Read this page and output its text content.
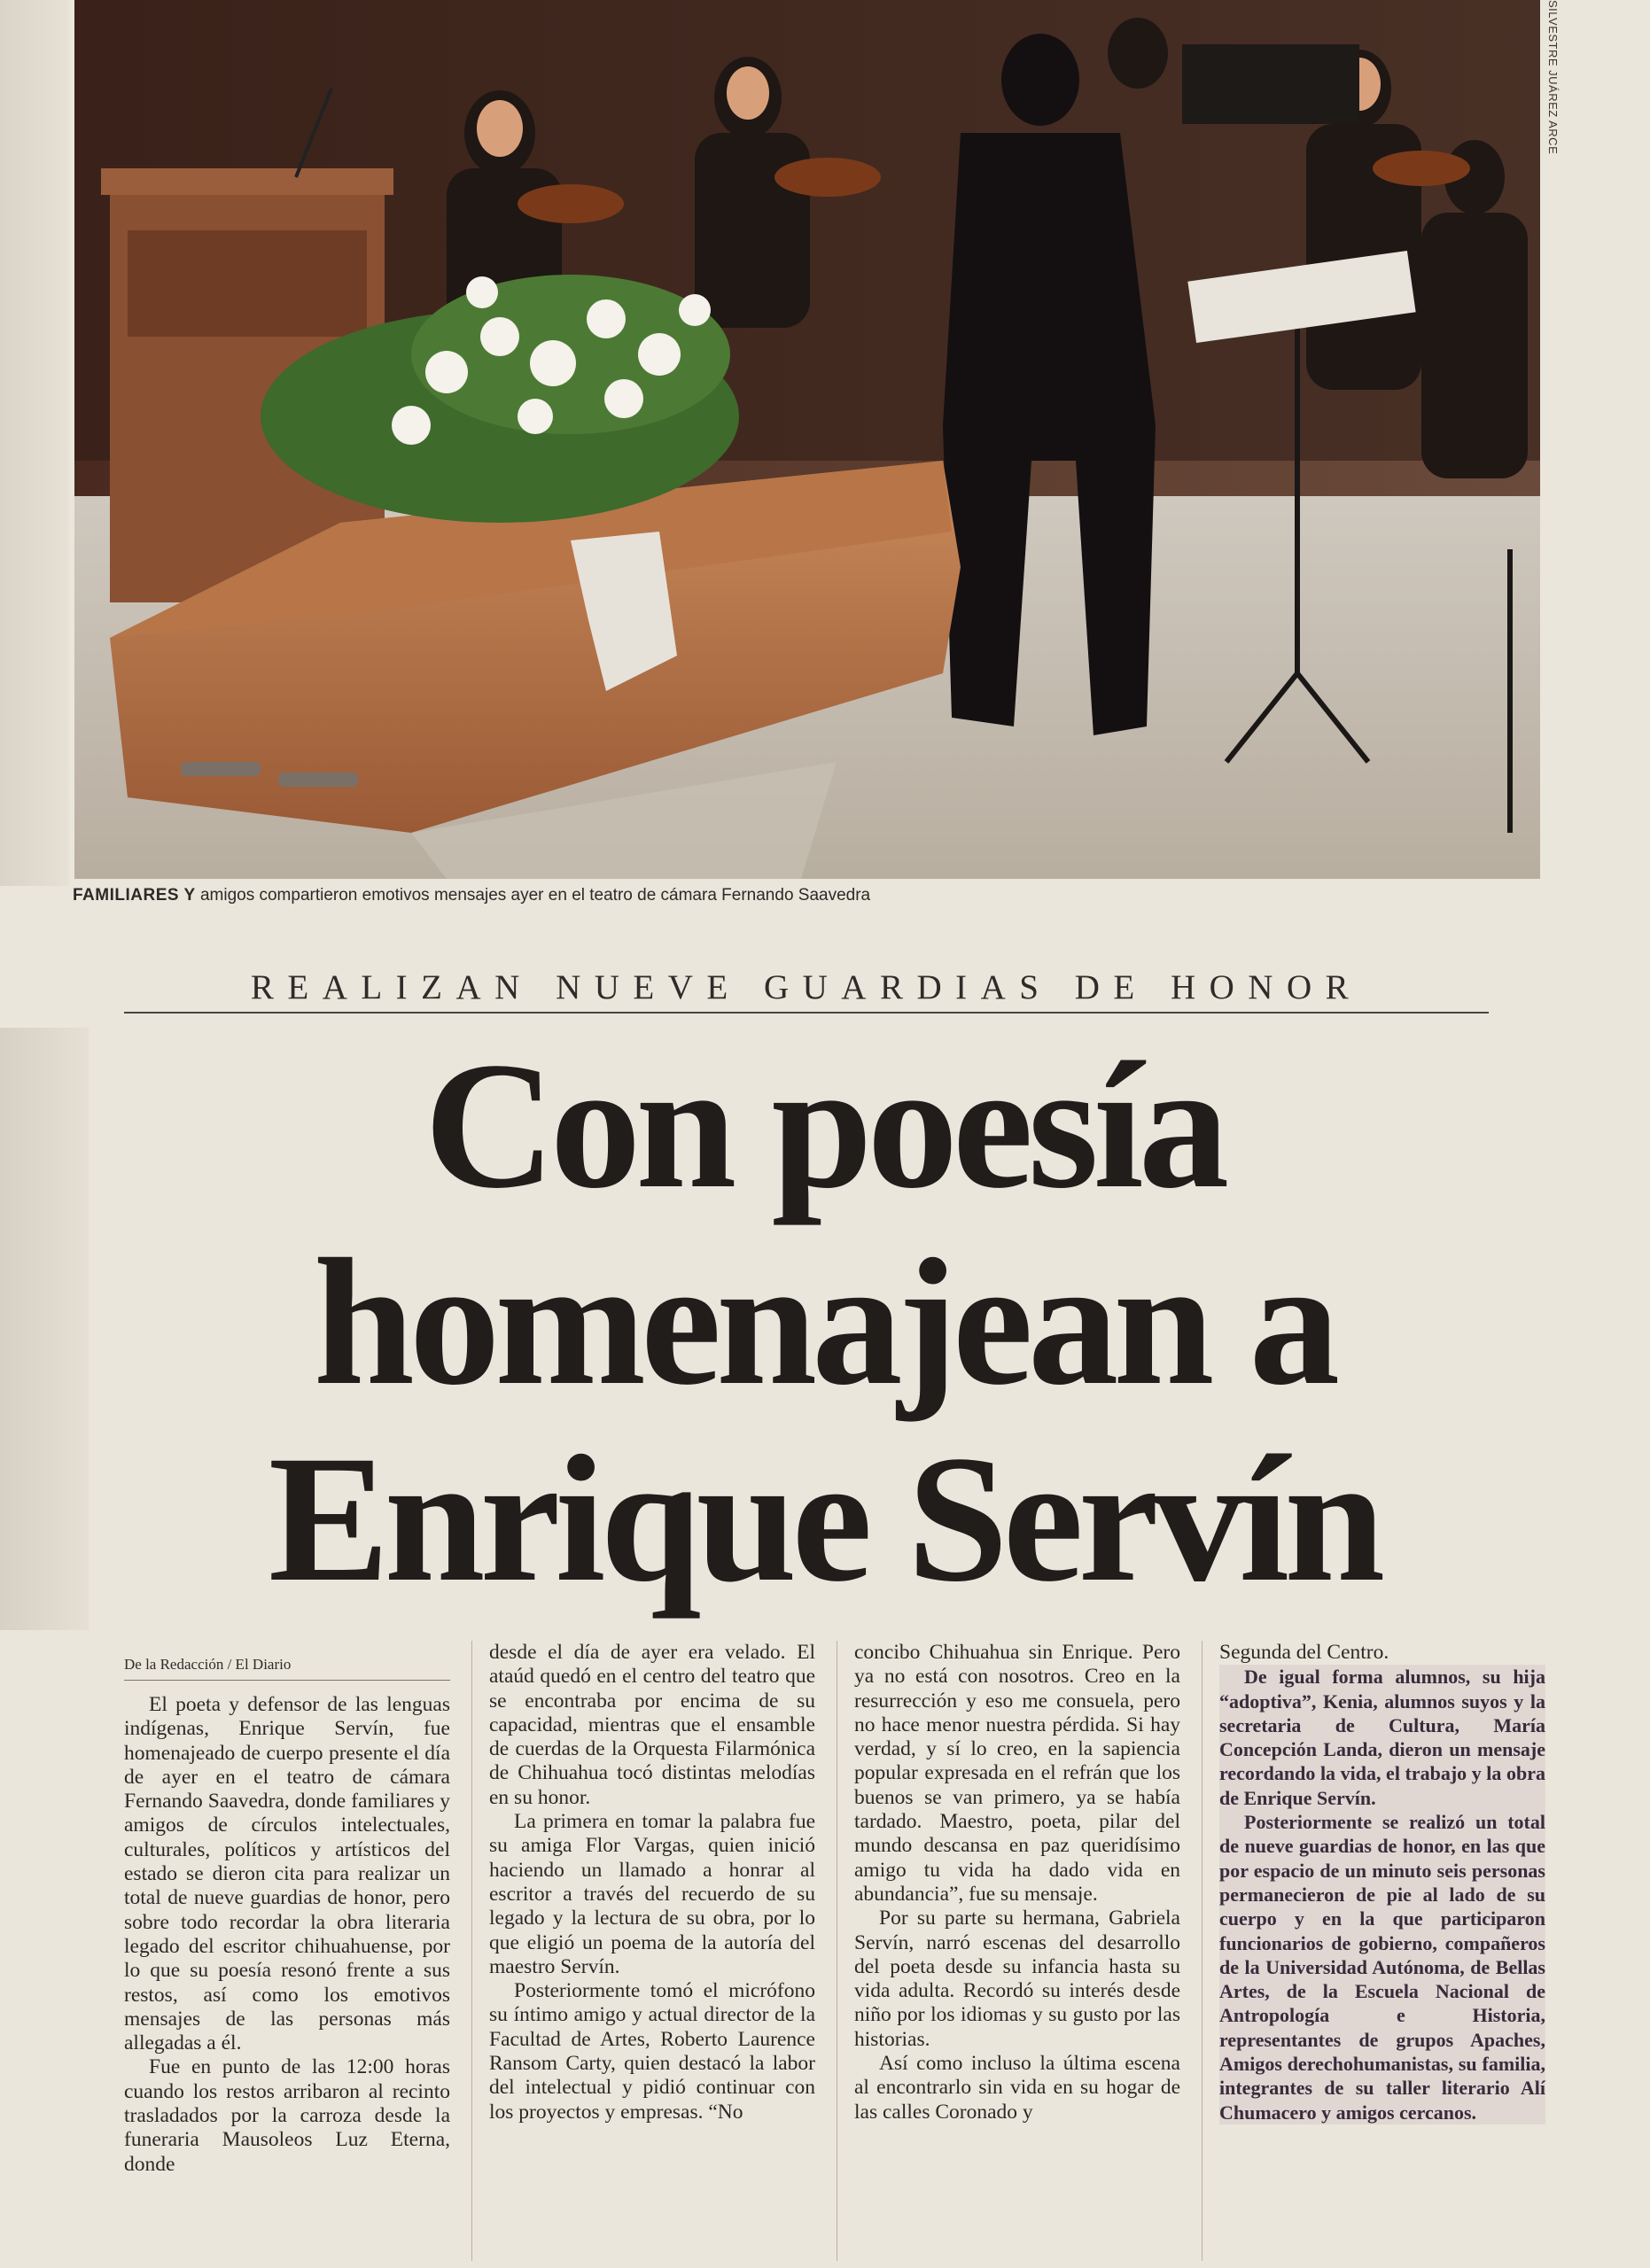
SILVESTRE JUÁREZ ARCE
FAMILIARES Y amigos compartieron emotivos mensajes ayer en el teatro de cámara Fernando Saavedra
REALIZAN NUEVE GUARDIAS DE HONOR
Con poesía
homenajean a
Enrique Servín
De la Redacción / El Diario

El poeta y defensor de las lenguas indígenas, Enrique Servín, fue homenajeado de cuerpo presente el día de ayer en el teatro de cámara Fernando Saavedra, donde familiares y amigos de círculos intelectuales, culturales, políticos y artísticos del estado se dieron cita para realizar un total de nueve guardias de honor, pero sobre todo recordar la obra literaria legado del escritor chihuahuense, por lo que su poesía resonó frente a sus restos, así como los emotivos mensajes de las personas más allegadas a él.

Fue en punto de las 12:00 horas cuando los restos arribaron al recinto trasladados por la carroza desde la funeraria Mausoleos Luz Eterna, donde

desde el día de ayer era velado. El ataúd quedó en el centro del teatro que se encontraba por encima de su capacidad, mientras que el ensamble de cuerdas de la Orquesta Filarmónica de Chihuahua tocó distintas melodías en su honor.

La primera en tomar la palabra fue su amiga Flor Vargas, quien inició haciendo un llamado a honrar al escritor a través del recuerdo de su legado y la lectura de su obra, por lo que eligió un poema de la autoría del maestro Servín.

Posteriormente tomó el micrófono su íntimo amigo y actual director de la Facultad de Artes, Roberto Laurence Ransom Carty, quien destacó la labor del intelectual y pidió continuar con los proyectos y empresas. “No

concibo Chihuahua sin Enrique. Pero ya no está con nosotros. Creo en la resurrección y eso me consuela, pero no hace menor nuestra pérdida. Si hay verdad, y sí lo creo, en la sapiencia popular expresada en el refrán que los buenos se van primero, ya se había tardado. Maestro, poeta, pilar del mundo descansa en paz queridísimo amigo tu vida ha dado vida en abundancia”, fue su mensaje.

Por su parte su hermana, Gabriela Servín, narró escenas del desarrollo del poeta desde su infancia hasta su vida adulta. Recordó su interés desde niño por los idiomas y su gusto por las historias.

Así como incluso la última escena al encontrarlo sin vida en su hogar de las calles Coronado y

Segunda del Centro.

De igual forma alumnos, su hija “adoptiva”, Kenia, alumnos suyos y la secretaria de Cultura, María Concepción Landa, dieron un mensaje recordando la vida, el trabajo y la obra de Enrique Servín.

Posteriormente se realizó un total de nueve guardias de honor, en las que por espacio de un minuto seis personas permanecieron de pie al lado de su cuerpo y en la que participaron funcionarios de gobierno, compañeros de la Universidad Autónoma, de Bellas Artes, de la Escuela Nacional de Antropología e Historia, representantes de grupos Apaches, Amigos derechohumanistas, su familia, integrantes de su taller literario Alí Chumacero y amigos cercanos.
